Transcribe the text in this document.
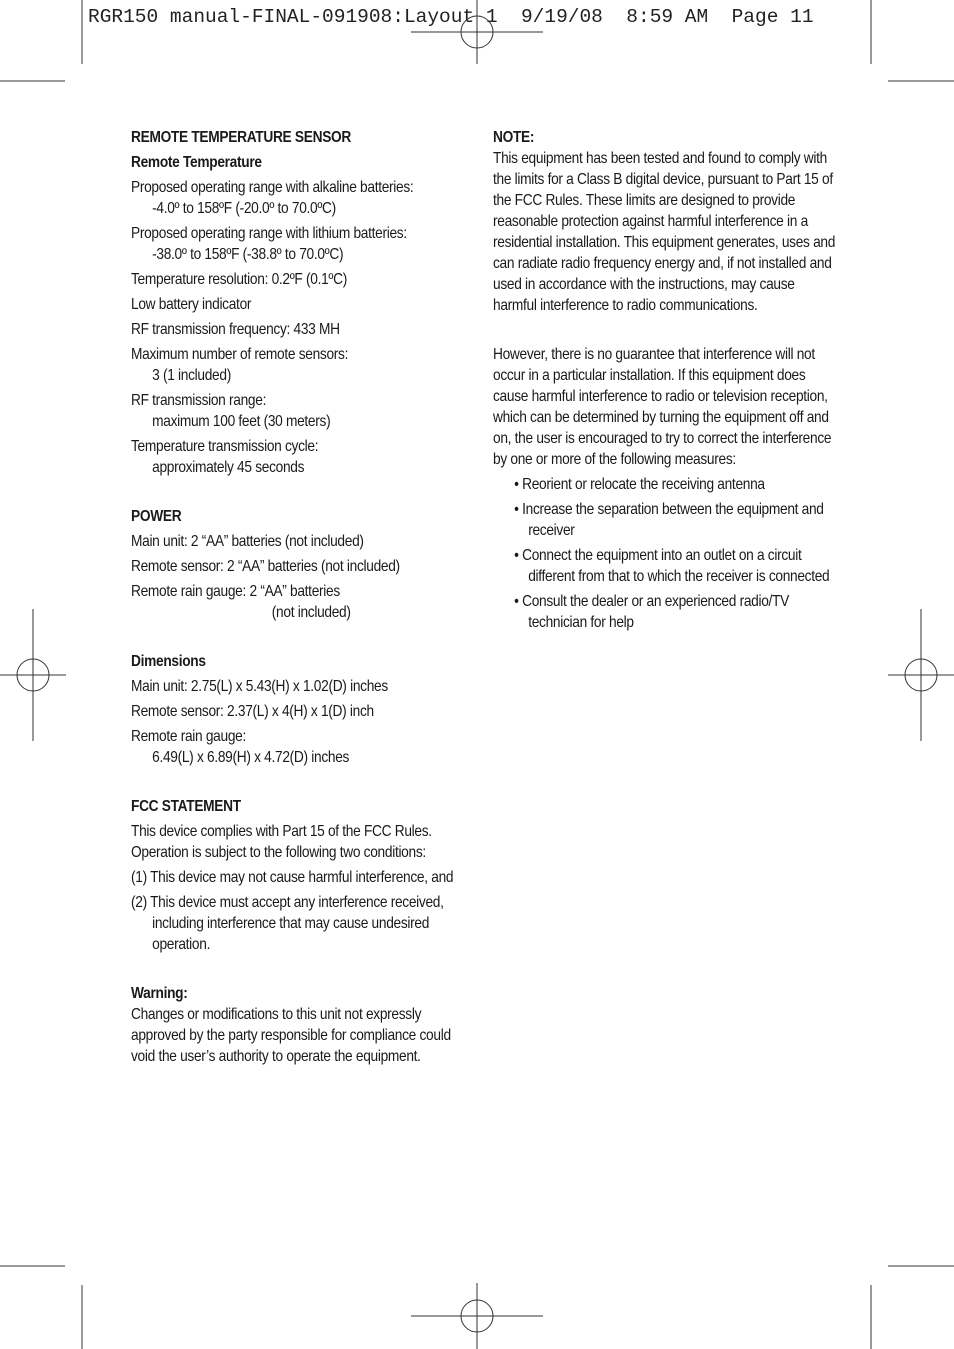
RGR150 manual-FINAL-091908:Layout 1  9/19/08  8:59 AM  Page 11

REMOTE TEMPERATURE SENSOR

Remote Temperature

Proposed operating range with alkaline batteries:

-4.0º to 158ºF (-20.0º to 70.0ºC)

Proposed operating range with lithium batteries:

-38.0º to 158ºF (-38.8º to 70.0ºC)

Temperature resolution: 0.2ºF (0.1ºC)

Low battery indicator

RF transmission frequency: 433 MH

Maximum number of remote sensors:

3 (1 included)

RF transmission range:

maximum 100 feet (30 meters)

Temperature transmission cycle:

approximately 45 seconds

POWER

Main unit: 2 “AA” batteries (not included)

Remote sensor: 2 “AA” batteries (not included)

Remote rain gauge: 2 “AA” batteries

(not included)

Dimensions

Main unit: 2.75(L) x 5.43(H) x 1.02(D) inches

Remote sensor: 2.37(L) x 4(H) x 1(D) inch

Remote rain gauge:

6.49(L) x 6.89(H) x 4.72(D) inches

FCC STATEMENT

This device complies with Part 15 of the FCC Rules. Operation is subject to the following two conditions:

(1) This device may not cause harmful interference, and

(2) This device must accept any interference received, including interference that may cause undesired operation.

Warning:

Changes or modifications to this unit not expressly approved by the party responsible for compliance could void the user’s authority to operate the equipment.

NOTE:

This equipment has been tested and found to comply with the limits for a Class B digital device, pursuant to Part 15 of the FCC Rules. These limits are designed to provide reasonable protection against harmful interference in a residential installation. This equipment generates, uses and can radiate radio frequency energy and, if not installed and used in accordance with the instructions, may cause harmful interference to radio communications.

However, there is no guarantee that interference will not occur in a particular installation. If this equipment does cause harmful interference to radio or television reception, which can be determined by turning the equipment off and on, the user is encouraged to try to correct the interference by one or more of the following measures:

• Reorient or relocate the receiving antenna

• Increase the separation between the equipment and receiver

• Connect the equipment into an outlet on a circuit different from that to which the receiver is connected

• Consult the dealer or an experienced radio/TV technician for help
